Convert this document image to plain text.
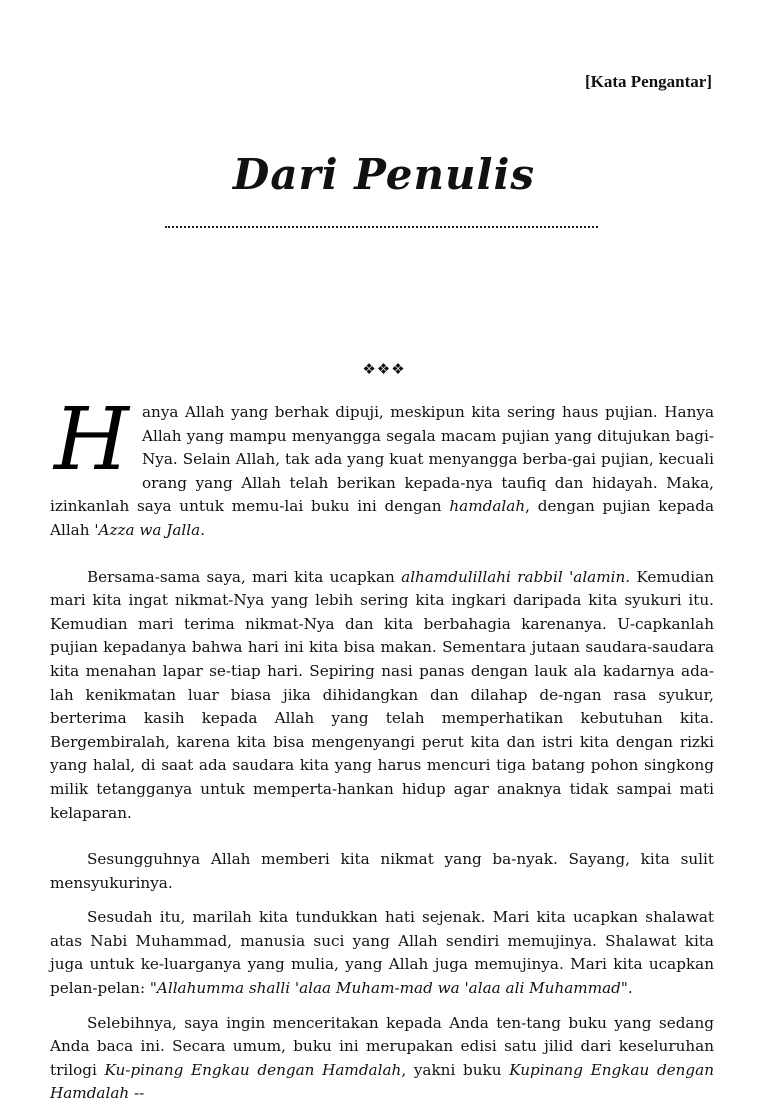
[Kata Pengantar]
Dari Penulis
❖❖❖

H anya Allah yang berhak dipuji, meskipun kita sering haus pujian. Hanya Allah yang mampu menyangga segala macam pujian yang ditujukan bagi-Nya. Selain Allah, tak ada yang kuat menyangga berba-gai pujian, kecuali orang yang Allah telah berikan kepada-nya taufiq dan hidayah. Maka, izinkanlah saya untuk memu-lai buku ini dengan hamdalah, dengan pujian kepada Allah 'Azza wa Jalla.

Bersama-sama saya, mari kita ucapkan alhamdulillahi rabbil 'alamin. Kemudian mari kita ingat nikmat-Nya yang lebih sering kita ingkari daripada kita syukuri itu. Kemudian mari terima nikmat-Nya dan kita berbahagia karenanya. U-capkanlah pujian kepadanya bahwa hari ini kita bisa makan. Sementara jutaan saudara-saudara kita menahan lapar se-tiap hari. Sepiring nasi panas dengan lauk ala kadarnya ada-lah kenikmatan luar biasa jika dihidangkan dan dilahap de-ngan rasa syukur, berterima kasih kepada Allah yang telah memperhatikan kebutuhan kita. Bergembiralah, karena kita bisa mengenyangi perut kita dan istri kita dengan rizki yang halal, di saat ada saudara kita yang harus mencuri tiga batang pohon singkong milik tetangganya untuk memperta-hankan hidup agar anaknya tidak sampai mati kelaparan.

Sesungguhnya Allah memberi kita nikmat yang ba-nyak. Sayang, kita sulit mensyukurinya.

Sesudah itu, marilah kita tundukkan hati sejenak. Mari kita ucapkan shalawat atas Nabi Muhammad, manusia suci yang Allah sendiri memujinya. Shalawat kita juga untuk ke-luarganya yang mulia, yang Allah juga memujinya. Mari kita ucapkan pelan-pelan: "Allahumma shalli 'alaa Muham-mad wa 'alaa ali Muhammad".

Selebihnya, saya ingin menceritakan kepada Anda ten-tang buku yang sedang Anda baca ini. Secara umum, buku ini merupakan edisi satu jilid dari keseluruhan trilogi Ku-pinang Engkau dengan Hamdalah, yakni buku Kupinang Engkau dengan Hamdalah --
